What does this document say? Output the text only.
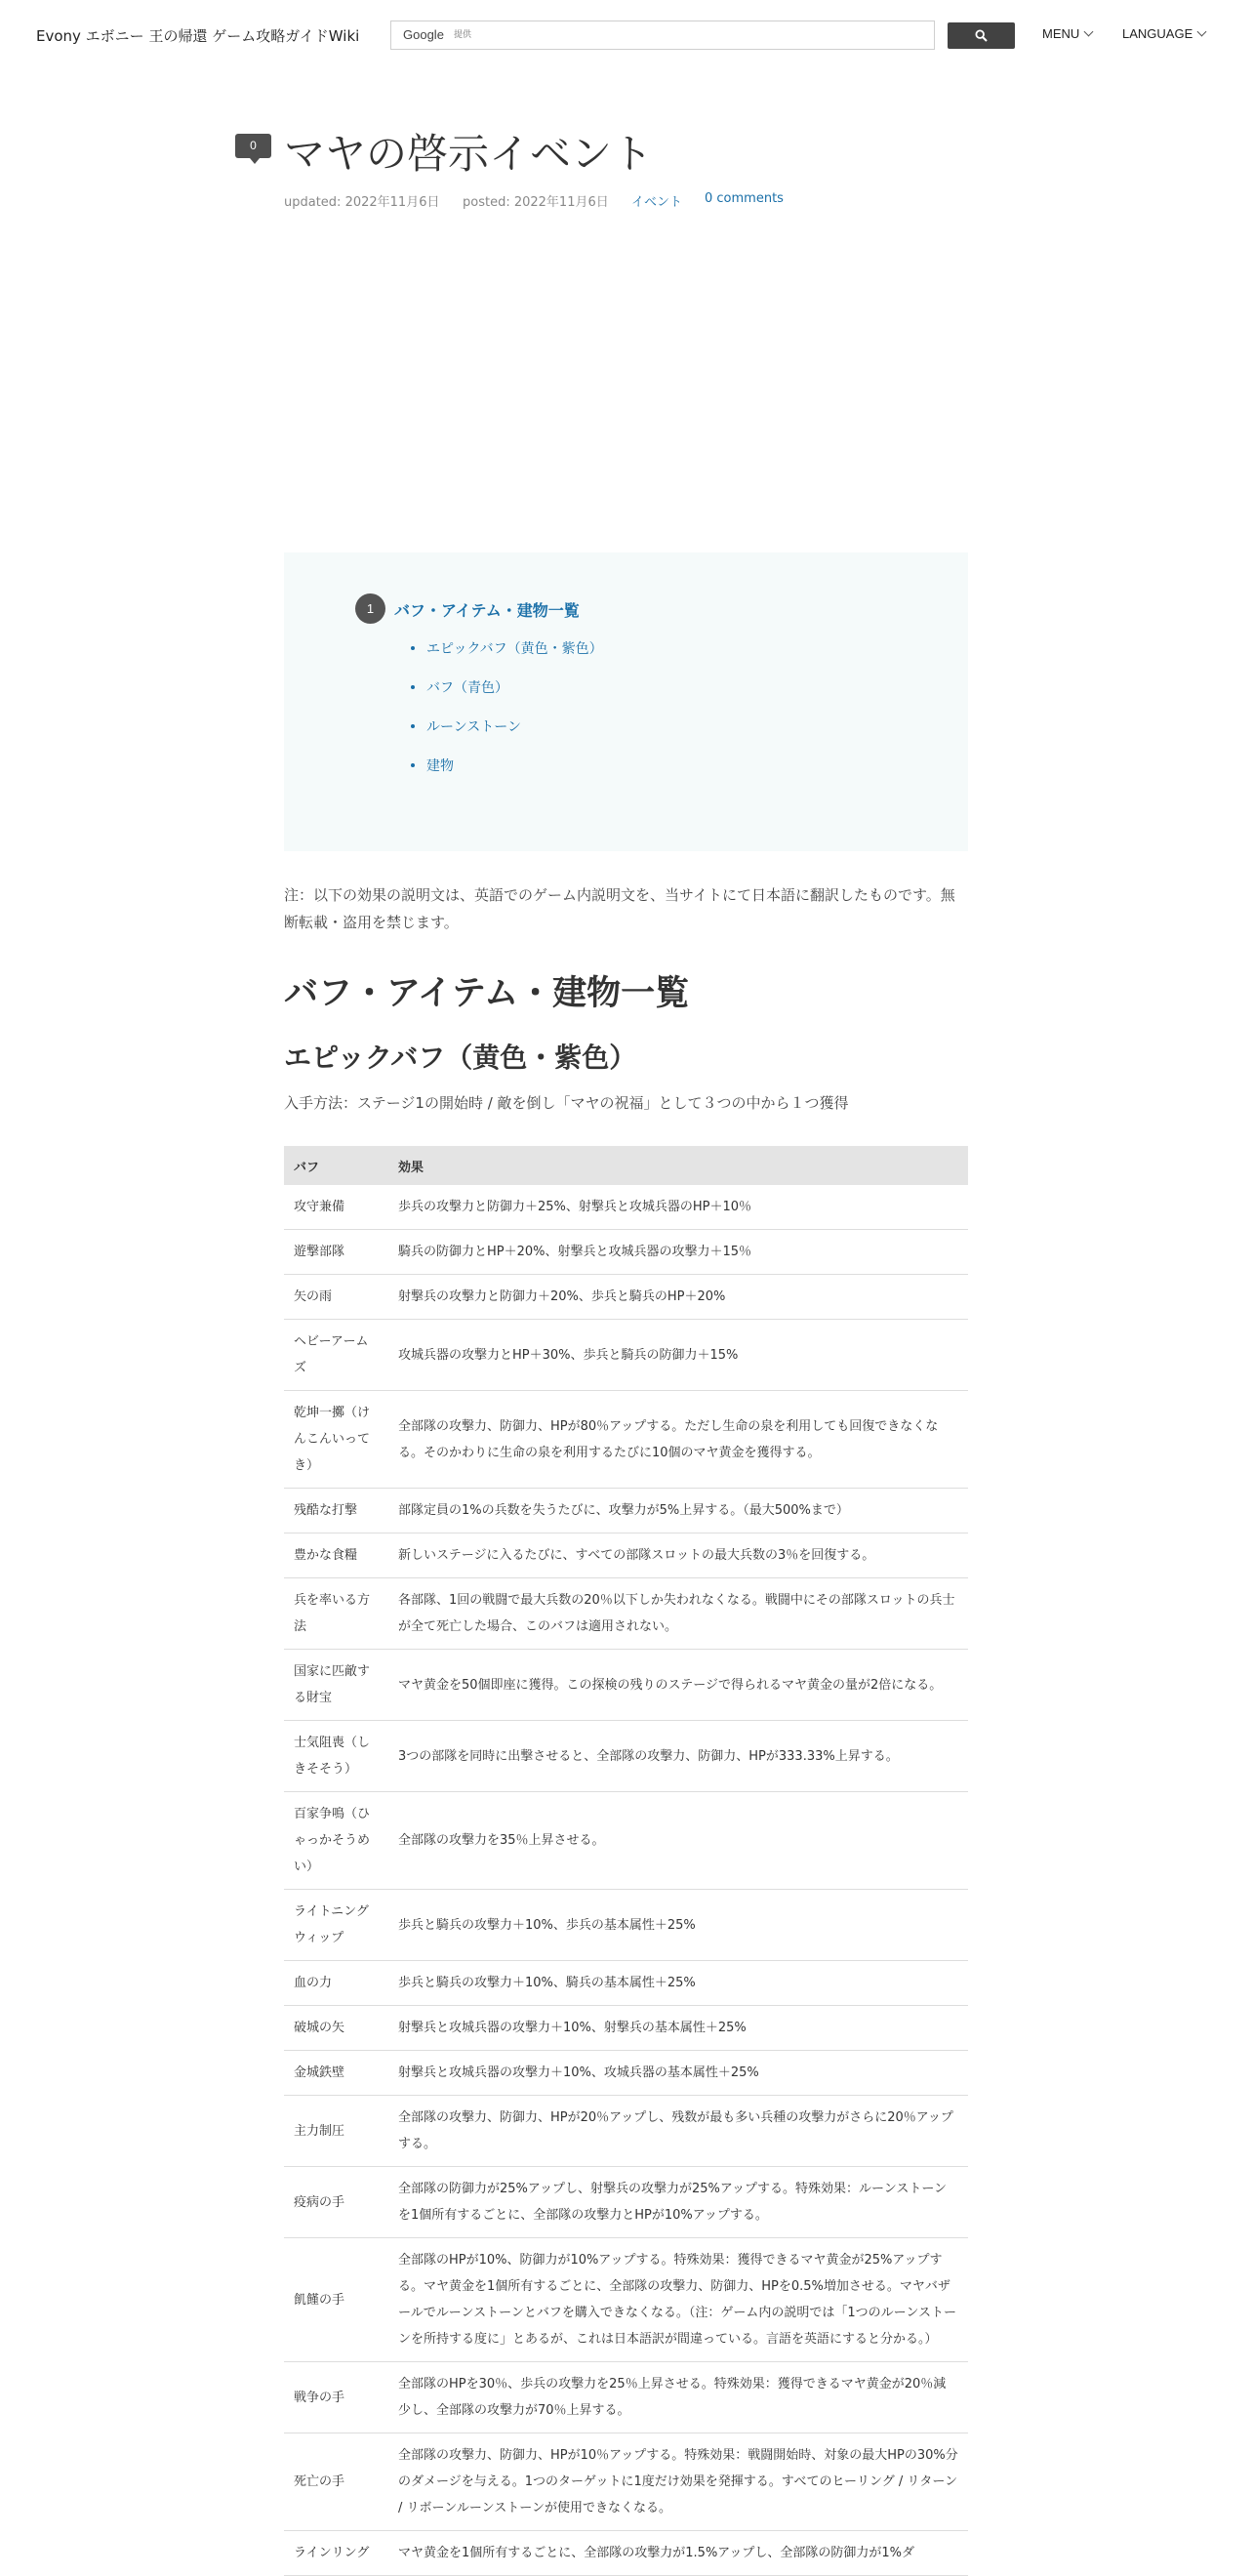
Evony エボニー 王の帰還 ゲーム攻略ガイドWiki	Google
提供	MENU	LANGUAGE
0 マヤの啓示イベント
updated: 2022年11月6日 posted: 2022年11月6日 イベント 0 comments
1	バフ・アイテム・建物一覧
エピックバフ（黄色・紫色）
バフ（青色）
ルーンストーン
建物

注：以下の効果の説明文は、英語でのゲーム内説明文を、当サイトにて日本語に翻訳したものです。無断転載・盗用を禁じます。

バフ・アイテム・建物一覧
エピックバフ（黄色・紫色）

入手方法：ステージ1の開始時 / 敵を倒し「マヤの祝福」として３つの中から１つ獲得

バフ	効果
攻守兼備	歩兵の攻撃力と防御力＋25%、射撃兵と攻城兵器のHP＋10％
遊撃部隊	騎兵の防御力とHP＋20%、射撃兵と攻城兵器の攻撃力＋15％
矢の雨	射撃兵の攻撃力と防御力＋20%、歩兵と騎兵のHP＋20%
ヘビーアームズ	攻城兵器の攻撃力とHP＋30%、歩兵と騎兵の防御力＋15%
乾坤一擲（けんこんいってき）	全部隊の攻撃力、防御力、HPが80％アップする。ただし生命の泉を利用しても回復できなくなる。そのかわりに生命の泉を利用するたびに10個のマヤ黄金を獲得する。
残酷な打撃	部隊定員の1%の兵数を失うたびに、攻撃力が5%上昇する。（最大500%まで）
豊かな食糧	新しいステージに入るたびに、すべての部隊スロットの最大兵数の3％を回復する。
兵を率いる方法	各部隊、1回の戦闘で最大兵数の20％以下しか失われなくなる。戦闘中にその部隊スロットの兵士が全て死亡した場合、このバフは適用されない。
国家に匹敵する財宝	マヤ黄金を50個即座に獲得。この探検の残りのステージで得られるマヤ黄金の量が2倍になる。
士気阻喪（しきそそう）	3つの部隊を同時に出撃させると、全部隊の攻撃力、防御力、HPが333.33%上昇する。
百家争鳴（ひゃっかそうめい）	全部隊の攻撃力を35％上昇させる。
ライトニングウィップ	歩兵と騎兵の攻撃力＋10%、歩兵の基本属性＋25%
血の力	歩兵と騎兵の攻撃力＋10%、騎兵の基本属性＋25%
破城の矢	射撃兵と攻城兵器の攻撃力＋10%、射撃兵の基本属性＋25%
金城鉄壁	射撃兵と攻城兵器の攻撃力＋10%、攻城兵器の基本属性＋25%
主力制圧	全部隊の攻撃力、防御力、HPが20％アップし、残数が最も多い兵種の攻撃力がさらに20％アップする。
疫病の手	全部隊の防御力が25%アップし、射撃兵の攻撃力が25%アップする。特殊効果：ルーンストーンを1個所有するごとに、全部隊の攻撃力とHPが10%アップする。
飢饉の手	全部隊のHPが10%、防御力が10%アップする。特殊効果：獲得できるマヤ黄金が25%アップする。マヤ黄金を1個所有するごとに、全部隊の攻撃力、防御力、HPを0.5%増加させる。マヤバザールでルーンストーンとバフを購入できなくなる。（注：ゲーム内の説明では「1つのルーンストーンを所持する度に」とあるが、これは日本語訳が間違っている。言語を英語にすると分かる。）
戦争の手	全部隊のHPを30％、歩兵の攻撃力を25％上昇させる。特殊効果：獲得できるマヤ黄金が20％減少し、全部隊の攻撃力が70％上昇する。
死亡の手	全部隊の攻撃力、防御力、HPが10％アップする。特殊効果：戦闘開始時、対象の最大HPの30%分のダメージを与える。1つのターゲットに1度だけ効果を発揮する。すべてのヒーリング / リターン / リボーンルーンストーンが使用できなくなる。
ラインリング	マヤ黄金を1個所有するごとに、全部隊の攻撃力が1.5%アップし、全部隊の防御力が1%ダ
